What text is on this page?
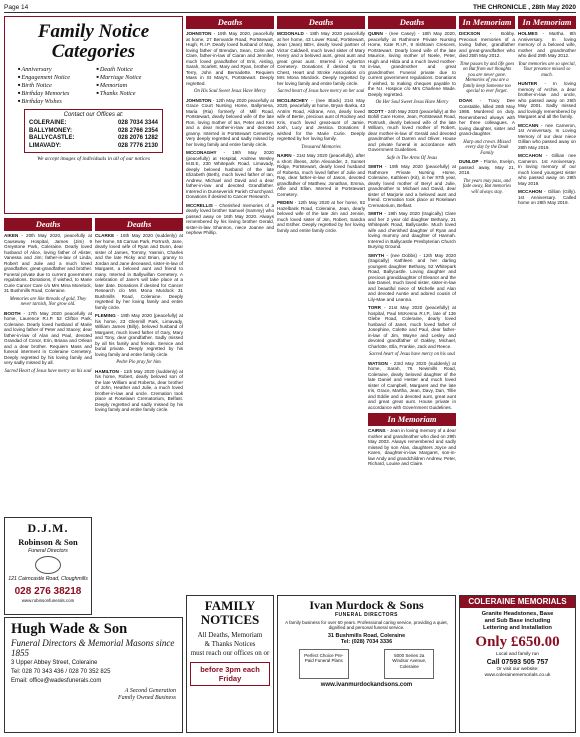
Page 14	THE CHRONICLE , 28th May 2020
Family Notice
Categories
■ Anniversary	■ Death Notice
■ Engagement Notice	■ Marriage Notice
■ Birth Notice	■ Memoriam
■ Birthday Memories	■ Thanks Notice
■ Birthday Wishes
Contact our Offices at:
COLERAINE:	028 7034 3344
BALLYMONEY:	028 2766 2354
BALLYCASTLE:	028 2076 1282
LIMAVADY:	028 7776 2130
We accept images of individuals in all of our notices
Deaths
AIKEN - 20th May 2020, peacefully at Causeway Hospital, James (Jim) 9 Greystone Park, Coleraine. Dearly loved husband of Alice, loving father of Alister, Vanessa and Jim; father-in-law of Linda, Robert and Julie and a much loved grandfather, great-grandfather and brother. Funeral private due to current government regulations. Donations, if wished, to Marie Curie Cancer Care c/o Mrs Mina Morelock, 31 Bushmills Road, Coleraine.
Memories are like threads of gold, They never tarnish, Nor grow old.
BOOTH - 17th May 2020 peacefully at home, Laurence R.I.P. 52 Clifton Park, Coleraine. Dearly loved husband of Marie and loving father of Peter and Stacey; dear father-in-law of Alan and Paul, devoted Grandad of Conor, Erin, Briana and Orlean and a dear brother. Requiem Mass and funeral interment in Coleraine Cemetery. Deeply regretted by his loving family and very sadly missed by all.
Sacred Heart of Jesus have mercy on his soul
Deaths
CLARKE - 16th May 2020 (suddenly) at her home, 55 Carnan Park, Portrush, Jane, dearly loved wife of Ryan and Dunn, dear sister of James, Tommy, Yasmin, Charles and the late Ricky and Brian, granny to Jordan and Jane deceased, sister-in-law of Margaret, a beloved aunt and friend to many. Interred in Ballywillan Cemetery. A celebration of Jane's will take place at a later date. Donations if desired for Cancer Research c/o Mrs Mona Murdock 31 Bushmills Road, Coleraine. Deeply regretted by her loving family and entire family circle.
FLEMING - 18th May 2020 (peacefully) at his home, 23 Glenmill Park, Limavady, William James (Billy), beloved husband of Margaret, much loved father of Gary, Mary and Tony, dear grandfather. Sadly missed by all his family and friends. Service and burial private. Deeply regretted by his loving family and entire family circle.
Pedre Pio pray for him.
HAMILTON - 11th May 2020 (suddenly) at his home, Robert, dearly beloved son of the late William and Roberta, dear brother of John, Heather and Julie, a much loved brother-in-law and uncle. Cremation took place at Roselawn Crematorium, Belfast. Deeply regretted and sadly missed by his loving family and entire family circle.
Deaths
JOHNSTON - 19th May 2020, peacefully at home, 27 Benvarde Road, Portstewart, Hugh, R.I.P. Dearly loved husband of May, loving father of Brendan, Sean, Colm and Clare, father-in-law of Ciaran and Jennifer, much loved grandfather of Erin, Aisling, Sarah, Scarlett, Mary and Ryan, brother of Terry, John and Bernadette. Requiem Mass in St Mary's, Portstewart. Deeply regretted.
On His Soul Sweet Jesus Have Mercy
JOHNSTON - 12th May 2020 peacefully at Grace Court Nursing Home, Ballymena, Maria (Ria) formerly of Mill Road, Portstewart, dearly beloved wife of the late Ron, loving mother of Ian, Peter and Ken and a dear mother-in-law and devoted granny. Interred in Portstewart Cemetery. Very deeply regretted and sadly missed by her loving family and entire family circle.
MCCONAGHY - 19th May 2020 (peacefully) at Hospital, Andrew Wesley M.B.E, 230 Whitepark Road, Limavady, deeply beloved husband of the late Elizabeth (Beth), much loved father of Ian, Andrew, Michael and David and a dear father-in-law and devoted Grandfather. Interred in Dunseverick Parish Churchyard. Donations if desired to Cancer Research.
MCCRELLIS - Cherished memories of a dearly loved brother Samuel (Sammy) who passed away on 16th May 2020. Always remembered by his loving brother Gerald, sister-in-law Shannon, niece Joanne and nephew Phillip.
Deaths
MCDONALD - 18th May 2020 peacefully at her home, 43 Lower Road, Portstewart, Jean (Jean) BEH, dearly loved partner of Victor Caldwell, much loved sister of Mary Henry and a beloved aunt, great aunt and great great aunt. Interred in Agherton Cemetery. Donations if desired to NI Chest, Heart and Stroke Association c/o Mrs Mona Murdock. Deeply regretted by her loving family and entire family circle.
Sacred heart of Jesus have mercy on her soul
MCGLINCHEY - (nee Black) 21st May 2020, peacefully at home, Bryan Ibarka, 43 Antrim Road, Aldrane, Ann, dearly loved wife of Bertie, precious aunt of Rodney and Kris, much loved great-aunt of Jamie, Josh, Lucy and Jessica. Donations if wished for the Marie Curie. Deeply regretted by her loving family.
Treasured Memories
NAIRN - 21st May 2020 (peacefully), after a short illness, John Alexander, 3, Sunset Ridge, Portstewart, dearly loved husband of Roberta, much loved father of Julie and Ray, dear father-in-law of Jason, devoted grandfather of Matthew, Jonathan, Emma, Alfie and Ellan. Interred in Portstewart Cemetery.
PEDEN - 12th May 2020 at her home, 82 Hazelbank Road, Coleraine, Jean, dearly beloved wife of the late Jim and Jennie, much loved sister of Jim, Robert, Sandra and Esther. Deeply regretted by her loving family and entire family circle.
Deaths
QUINN - (nee Casey) - 18th May 2020, peacefully at Rathmore Private Nursing Home, Kate R.I.P., 9 Irishtown Crescent, Portstewart. Dearly loved wife of the late Maurice, loving mother of Noele, Peter, Hugh and Hilda and a much loved mother-in-law, grandmother and great grandmother. Funeral private due to current government regulations. Donations if wished, to making cheques payable to the N.I. Hospice c/o Mrs Charlene Wade. Deeply regretted.
On Her Soul Sweet Jesus Have Mercy
SCOTT - 24th May 2020 (peacefully) at the Bohill Care Home, Jean, Portstewart Road, Portrush, dearly beloved wife of the late William, much loved mother of Robert, dear mother-in-law of Gerald and devoted grandmother of Darren and Oliver. House and private funeral in accordance with Government Guidelines.
Safe in The Arms Of Jesus
SMITH - 19th May 2020 (peacefully) at Rathmore Private Nursing Home, Coleraine, Kathleen (Kit), in her 97th year, dearly loved mother of Beryl and Julie, grandmother to Michael and David, dear sister of Marjorie and a beloved aunt and friend. Cremation took place at Roselawn Crematorium, Belfast.
SMITH - 19th May 2020 (tragically) Clare and her 2 year old daughter Bethany, 21 Whitepark Road, Ballycastle. Much loved wife and cherished daughter of Ryan and loving mummy and daughter of Hannah. Interred in Ballycastle Presbyterian Church Burying Ground.
SMYTH - (nee Dobbs) - 12th May 2020 (tragically) Kathleen and her darling youngest daughter Bethany, 52 Whitepark Road, Ballycastle. Loving daughter and precious granddaughter of Eleanor and the late Daniel, much loved sister, sister-in-law and beautiful niece of Michelle and Alan and devoted Auntie and adored cousin of Lily-Mae and Leanna.
TORR - 21st May 2020 (peacefully) at hospital, Paul McKenna R.I.P., late of 136 Glebe Road, Coleraine, dearly loved husband of Janet, much loved father of Josephine, Colette and Paul, dear father-in-law of Jim, Wayne and Lesley and devoted grandfather of Oakley, Michael, Charlotte, Ella, Frankie, Jack and Reece.
Sacred heart of Jesus have mercy on his soul
WATSON - 23rd May 2020 (suddenly) at home, Sarah, 76 Newmills Road, Coleraine, dearly beloved daughter of the late Daniel and Hester and much loved sister of Campbell, Margaret and the late Iris, Grace, Martha, Jean, Davy, Dan, Tillie and Eddie and a devoted aunt, great aunt and great great aunt. House private in accordance with Government Guidelines.
In Memoriam
CAIRNS - Jean in loving memory of a dear mother and grandmother who died on 29th May 2003. Always remembered and sadly missed by son Alan, daughters Joyce and Karen, daughter-in-law Margaret, son-in-law Andy and grandchildren Andrew, Peter, Richard, Louise and Claire.
In Memoriam
DICKSON - Bobby. Precious memories of a loving father, grandfather and great-grandfather who died 25th May 2012.
Time passes by and life goes on But from our thoughts you are never gone. Memories of you are a family keep Someone too special to ever forget.
DOAK - Tracy Dee Constable, killed 26th May 1985. Murdered on duty. Remembered always with her three colleagues. A loving daughter, sister and grand-daughter.
Harp and crown. Missed every day by the Doak Family
DUNLOP - Florrie, Evelyn, passed away, May 21, 2018.
The years may pass, and fade away, But memories will always stay.
In Memoriam
HOLMES - Martha. 8th Anniversary. In loving memory of a beloved wife, mother and grandmother who died 29th May 2012.
Your memories are so special, Your presence missed so much.
HUNTER - In loving memory of Archie, a dear brother-in-law and uncle, who passed away on 25th May 2001. Sadly missed and lovingly remembered by Margaret and all the family.
MCCANN - nee Cameron, 1st Anniversary. In Loving Memory of our dear niece Gillian who passed away on 28th May 2019.
MCCAHON - Gillian nee Cameron. 1st Anniversary. In loving memory of our much loved youngest sister who passed away on 28th May 2019.
MCCAHON - Gillian (Gilly). 1st Anniversary. Called home on 28th May 2019.
D.J.M.
Robinson & Son
Funeral Directors
121 Cairncastle Road, Cloughmills
028 276 38218
www.robinsonfunerals.com
Hugh Wade & Son
Funeral Directors & Memorial Masons since 1855
3 Upper Abbey Street, Coleraine
Tel: 028 70 343 436 / 028 70 352 825
Email: office@wadesfunerals.com
A Second Generation
Family Owned Business
FAMILY NOTICES
All Deaths, Memoriam
& Thanks Notices
must reach our offices on or
before 3pm each Friday
Ivan Murdock & Sons
FUNERAL DIRECTORS
A family business for over 60 years. Professional caring service, providing a quiet, dignified and personal funeral service.
31 Bushmills Road, Coleraine
Tel: (028) 7034 3336
Perfect Choice Pre-Paid Funeral Plans
5000 Series 2a Windsor Avenue, Coleraine
www.ivanmurdockandsons.com
COLERAINE MEMORIALS
Granite Headstones, Base
and Sub Base including
Lettering and Installation
Only £650.00
Local and family run
Call 07593 505 757
Or visit our website: www.colerainememorials.co.uk
